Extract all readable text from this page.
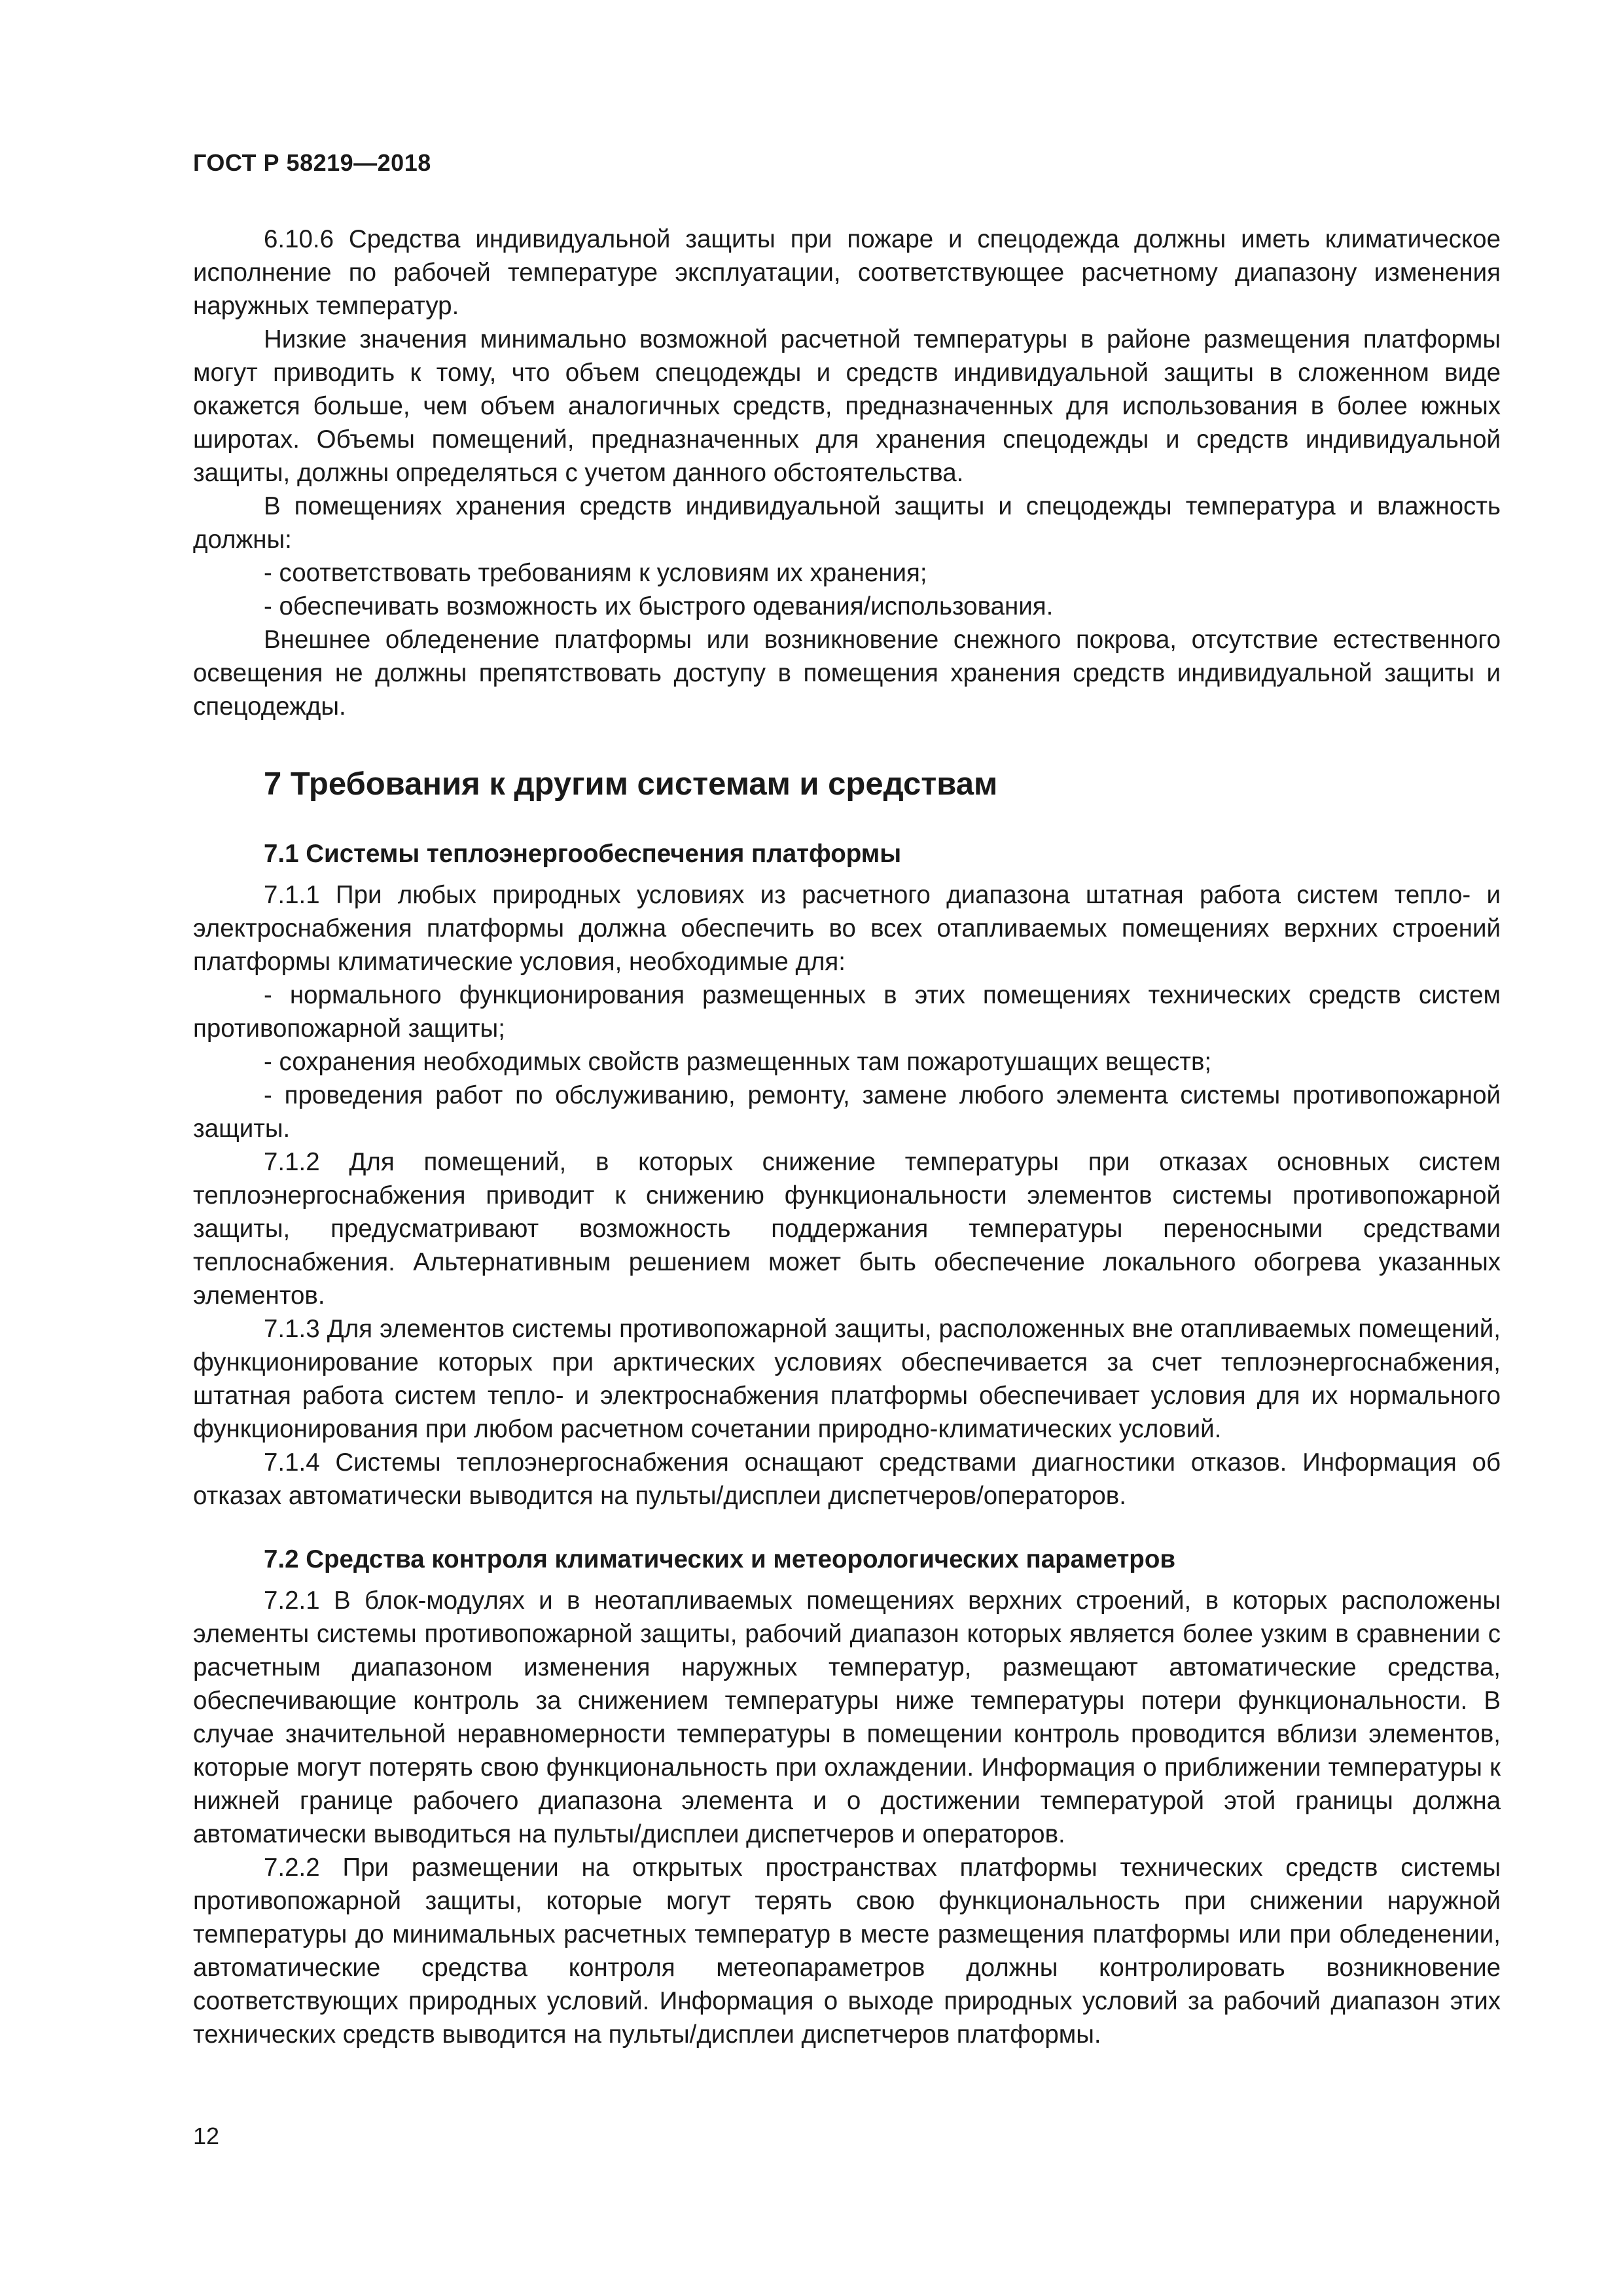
ГОСТ Р 58219—2018

6.10.6 Средства индивидуальной защиты при пожаре и спецодежда должны иметь климатическое исполнение по рабочей температуре эксплуатации, соответствующее расчетному диапазону изменения наружных температур.

Низкие значения минимально возможной расчетной температуры в районе размещения платформы могут приводить к тому, что объем спецодежды и средств индивидуальной защиты в сложенном виде окажется больше, чем объем аналогичных средств, предназначенных для использования в более южных широтах. Объемы помещений, предназначенных для хранения спецодежды и средств индивидуальной защиты, должны определяться с учетом данного обстоятельства.

В помещениях хранения средств индивидуальной защиты и спецодежды температура и влажность должны:

- соответствовать требованиям к условиям их хранения;

- обеспечивать возможность их быстрого одевания/использования.

Внешнее обледенение платформы или возникновение снежного покрова, отсутствие естественного освещения не должны препятствовать доступу в помещения хранения средств индивидуальной защиты и спецодежды.

7 Требования к другим системам и средствам
7.1 Системы теплоэнергообеспечения платформы

7.1.1 При любых природных условиях из расчетного диапазона штатная работа систем тепло- и электроснабжения платформы должна обеспечить во всех отапливаемых помещениях верхних строений платформы климатические условия, необходимые для:

- нормального функционирования размещенных в этих помещениях технических средств систем противопожарной защиты;

- сохранения необходимых свойств размещенных там пожаротушащих веществ;

- проведения работ по обслуживанию, ремонту, замене любого элемента системы противопожарной защиты.

7.1.2 Для помещений, в которых снижение температуры при отказах основных систем теплоэнергоснабжения приводит к снижению функциональности элементов системы противопожарной защиты, предусматривают возможность поддержания температуры переносными средствами теплоснабжения. Альтернативным решением может быть обеспечение локального обогрева указанных элементов.

7.1.3 Для элементов системы противопожарной защиты, расположенных вне отапливаемых помещений, функционирование которых при арктических условиях обеспечивается за счет теплоэнергоснабжения, штатная работа систем тепло- и электроснабжения платформы обеспечивает условия для их нормального функционирования при любом расчетном сочетании природно-климатических условий.

7.1.4 Системы теплоэнергоснабжения оснащают средствами диагностики отказов. Информация об отказах автоматически выводится на пульты/дисплеи диспетчеров/операторов.

7.2 Средства контроля климатических и метеорологических параметров

7.2.1 В блок-модулях и в неотапливаемых помещениях верхних строений, в которых расположены элементы системы противопожарной защиты, рабочий диапазон которых является более узким в сравнении с расчетным диапазоном изменения наружных температур, размещают автоматические средства, обеспечивающие контроль за снижением температуры ниже температуры потери функциональности. В случае значительной неравномерности температуры в помещении контроль проводится вблизи элементов, которые могут потерять свою функциональность при охлаждении. Информация о приближении температуры к нижней границе рабочего диапазона элемента и о достижении температурой этой границы должна автоматически выводиться на пульты/дисплеи диспетчеров и операторов.

7.2.2 При размещении на открытых пространствах платформы технических средств системы противопожарной защиты, которые могут терять свою функциональность при снижении наружной температуры до минимальных расчетных температур в месте размещения платформы или при обледенении, автоматические средства контроля метеопараметров должны контролировать возникновение соответствующих природных условий. Информация о выходе природных условий за рабочий диапазон этих технических средств выводится на пульты/дисплеи диспетчеров платформы.

12
